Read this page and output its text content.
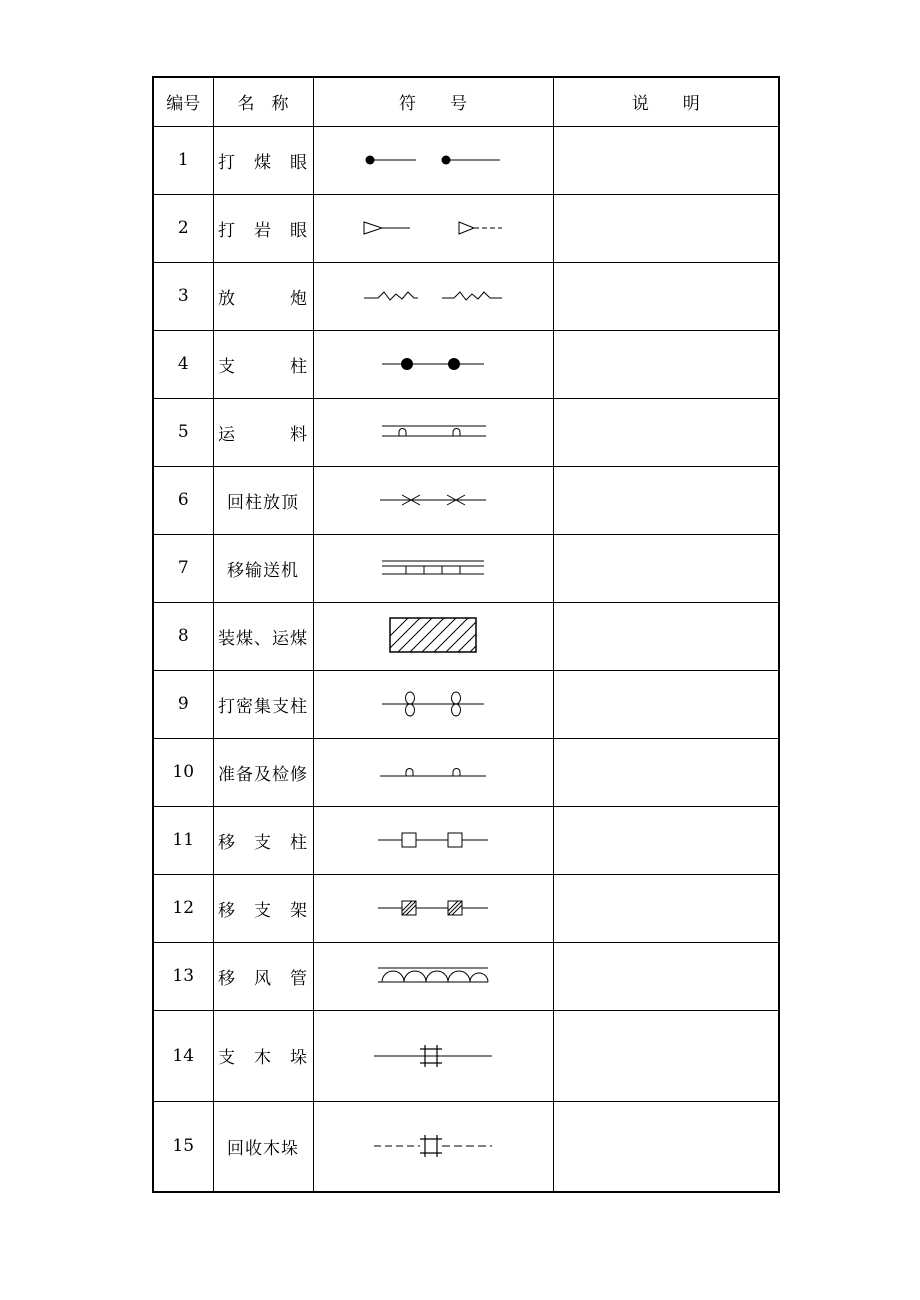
编号	名　称	符　　号	说　　明
1	打　煤　眼	

2	打　岩　眼	

3	放　　　炮	

4	支　　　柱	

5	运　　　料	

6	回柱放顶	

7	移输送机	

8	装煤、运煤	

9	打密集支柱	

10	准备及检修	

11	移　支　柱	

12	移　支　架	

13	移　风　管	

14	支　木　垛	

15	回收木垛	
